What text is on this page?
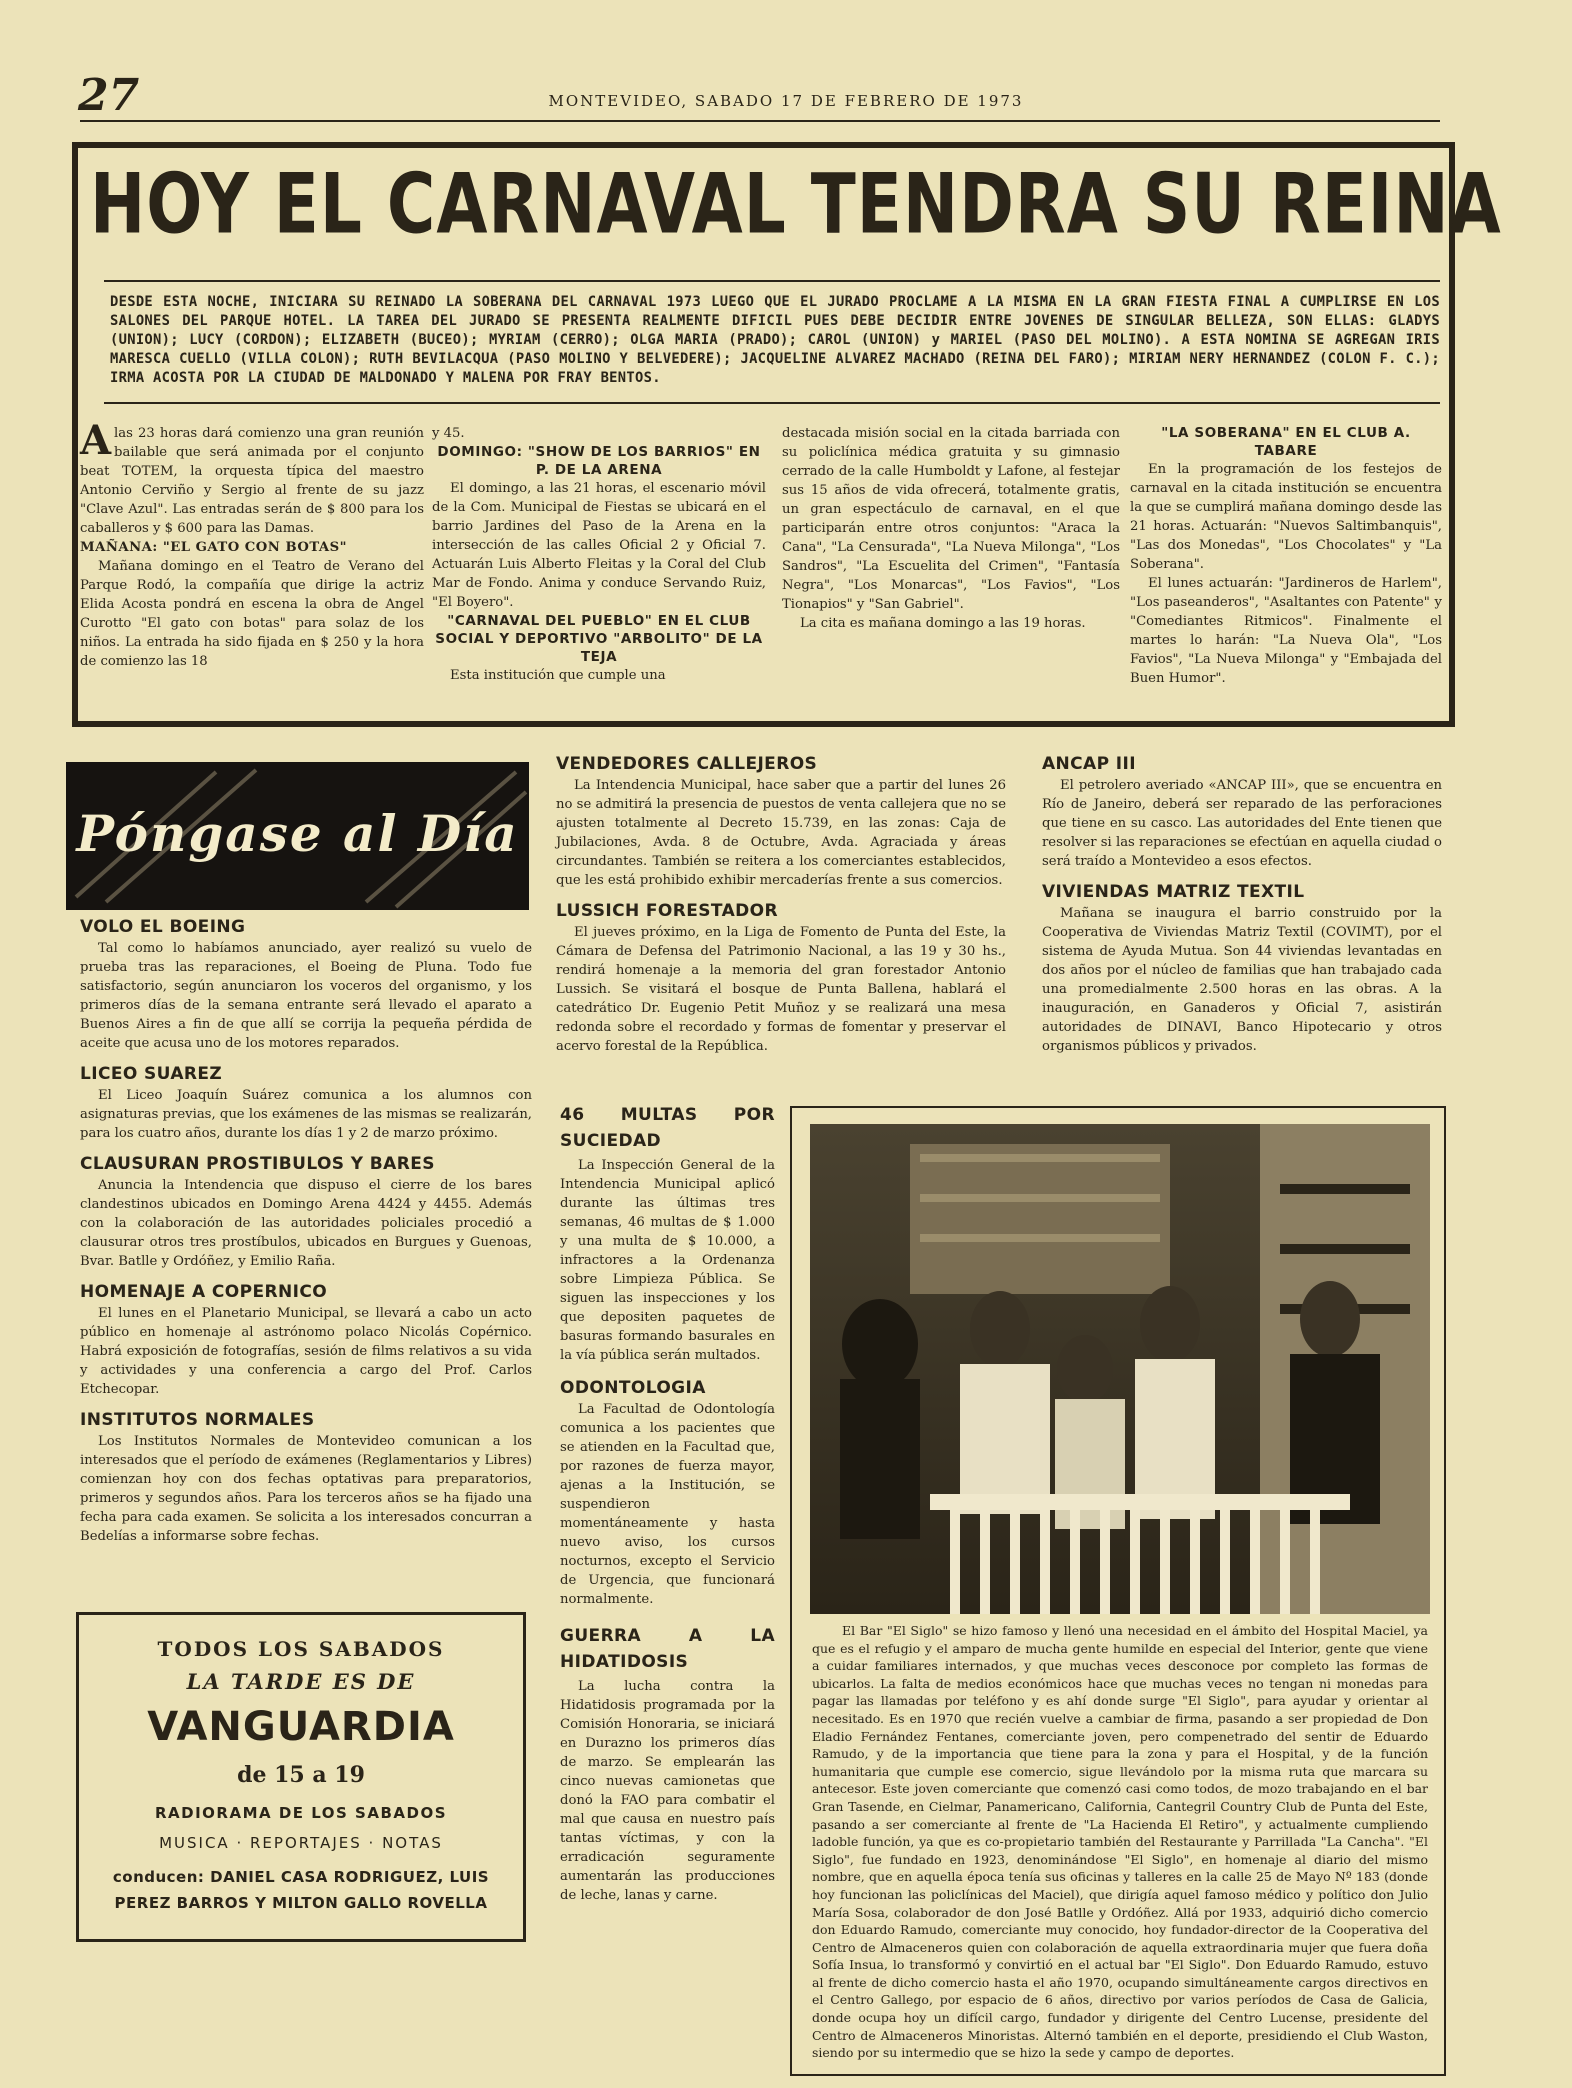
27	MONTEVIDEO, SABADO 17 DE FEBRERO DE 1973
HOY EL CARNAVAL TENDRA SU REINA
DESDE ESTA NOCHE, INICIARA SU REINADO LA SOBERANA DEL CARNAVAL 1973 LUEGO QUE EL JURADO PROCLAME A LA MISMA EN LA GRAN FIESTA FINAL A CUMPLIRSE EN LOS SALONES DEL PARQUE HOTEL. LA TAREA DEL JURADO SE PRESENTA REALMENTE DIFICIL PUES DEBE DECIDIR ENTRE JOVENES DE SINGULAR BELLEZA, SON ELLAS: GLADYS (UNION); LUCY (CORDON); ELIZABETH (BUCEO); MYRIAM (CERRO); OLGA MARIA (PRADO); CAROL (UNION) y MARIEL (PASO DEL MOLINO). A ESTA NOMINA SE AGREGAN IRIS MARESCA CUELLO (VILLA COLON); RUTH BEVILACQUA (PASO MOLINO Y BELVEDERE); JACQUELINE ALVAREZ MACHADO (REINA DEL FARO); MIRIAM NERY HERNANDEZ (COLON F. C.); IRMA ACOSTA POR LA CIUDAD DE MALDONADO Y MALENA POR FRAY BENTOS.

Alas 23 horas dará comienzo una gran reunión bailable que será animada por el conjunto beat TOTEM, la orquesta típica del maestro Antonio Cerviño y Sergio al frente de su jazz "Clave Azul". Las entradas serán de $ 800 para los caballeros y $ 600 para las Damas.

MAÑANA: "EL GATO CON BOTAS"

Mañana domingo en el Teatro de Verano del Parque Rodó, la compañía que dirige la actriz Elida Acosta pondrá en escena la obra de Angel Curotto "El gato con botas" para solaz de los niños. La entrada ha sido fijada en $ 250 y la hora de comienzo las 18

y 45.

DOMINGO: "SHOW DE LOS BARRIOS" EN P. DE LA ARENA

El domingo, a las 21 horas, el escenario móvil de la Com. Municipal de Fiestas se ubicará en el barrio Jardines del Paso de la Arena en la intersección de las calles Oficial 2 y Oficial 7. Actuarán Luis Alberto Fleitas y la Coral del Club Mar de Fondo. Anima y conduce Servando Ruiz, "El Boyero".

"CARNAVAL DEL PUEBLO" EN EL CLUB SOCIAL Y DEPORTIVO "ARBOLITO" DE LA TEJA

Esta institución que cumple una

destacada misión social en la citada barriada con su policlínica médica gratuita y su gimnasio cerrado de la calle Humboldt y Lafone, al festejar sus 15 años de vida ofrecerá, totalmente gratis, un gran espectáculo de carnaval, en el que participarán entre otros conjuntos: "Araca la Cana", "La Censurada", "La Nueva Milonga", "Los Sandros", "La Escuelita del Crimen", "Fantasía Negra", "Los Monarcas", "Los Favios", "Los Tionapios" y "San Gabriel".

La cita es mañana domingo a las 19 horas.

"LA SOBERANA" EN EL CLUB A. TABARE

En la programación de los festejos de carnaval en la citada institución se encuentra la que se cumplirá mañana domingo desde las 21 horas. Actuarán: "Nuevos Saltimbanquis", "Las dos Monedas", "Los Chocolates" y "La Soberana".

El lunes actuarán: "Jardineros de Harlem", "Los paseanderos", "Asaltantes con Patente" y "Comediantes Ritmicos". Finalmente el martes lo harán: "La Nueva Ola", "Los Favios", "La Nueva Milonga" y "Embajada del Buen Humor".

Póngase al Día
VOLO EL BOEING

Tal como lo habíamos anunciado, ayer realizó su vuelo de prueba tras las reparaciones, el Boeing de Pluna. Todo fue satisfactorio, según anunciaron los voceros del organismo, y los primeros días de la semana entrante será llevado el aparato a Buenos Aires a fin de que allí se corrija la pequeña pérdida de aceite que acusa uno de los motores reparados.

LICEO SUAREZ

El Liceo Joaquín Suárez comunica a los alumnos con asignaturas previas, que los exámenes de las mismas se realizarán, para los cuatro años, durante los días 1 y 2 de marzo próximo.

CLAUSURAN PROSTIBULOS Y BARES

Anuncia la Intendencia que dispuso el cierre de los bares clandestinos ubicados en Domingo Arena 4424 y 4455. Además con la colaboración de las autoridades policiales procedió a clausurar otros tres prostíbulos, ubicados en Burgues y Guenoas, Bvar. Batlle y Ordóñez, y Emilio Raña.

HOMENAJE A COPERNICO

El lunes en el Planetario Municipal, se llevará a cabo un acto público en homenaje al astrónomo polaco Nicolás Copérnico. Habrá exposición de fotografías, sesión de films relativos a su vida y actividades y una conferencia a cargo del Prof. Carlos Etchecopar.

INSTITUTOS NORMALES

Los Institutos Normales de Montevideo comunican a los interesados que el período de exámenes (Reglamentarios y Libres) comienzan hoy con dos fechas optativas para preparatorios, primeros y segundos años. Para los terceros años se ha fijado una fecha para cada examen. Se solicita a los interesados concurran a Bedelías a informarse sobre fechas.

TODOS LOS SABADOS
LA TARDE ES DE
VANGUARDIA
de 15 a 19
RADIORAMA DE LOS SABADOS
MUSICA · REPORTAJES · NOTAS
conducen: DANIEL CASA RODRIGUEZ, LUIS PEREZ BARROS Y MILTON GALLO ROVELLA
VENDEDORES CALLEJEROS

La Intendencia Municipal, hace saber que a partir del lunes 26 no se admitirá la presencia de puestos de venta callejera que no se ajusten totalmente al Decreto 15.739, en las zonas: Caja de Jubilaciones, Avda. 8 de Octubre, Avda. Agraciada y áreas circundantes. También se reitera a los comerciantes establecidos, que les está prohibido exhibir mercaderías frente a sus comercios.

LUSSICH FORESTADOR

El jueves próximo, en la Liga de Fomento de Punta del Este, la Cámara de Defensa del Patrimonio Nacional, a las 19 y 30 hs., rendirá homenaje a la memoria del gran forestador Antonio Lussich. Se visitará el bosque de Punta Ballena, hablará el catedrático Dr. Eugenio Petit Muñoz y se realizará una mesa redonda sobre el recordado y formas de fomentar y preservar el acervo forestal de la República.

46 MULTAS POR SUCIEDAD

La Inspección General de la Intendencia Municipal aplicó durante las últimas tres semanas, 46 multas de $ 1.000 y una multa de $ 10.000, a infractores a la Ordenanza sobre Limpieza Pública. Se siguen las inspecciones y los que depositen paquetes de basuras formando basurales en la vía pública serán multados.

ODONTOLOGIA

La Facultad de Odontología comunica a los pacientes que se atienden en la Facultad que, por razones de fuerza mayor, ajenas a la Institución, se suspendieron momentáneamente y hasta nuevo aviso, los cursos nocturnos, excepto el Servicio de Urgencia, que funcionará normalmente.

GUERRA A LA HIDATIDOSIS

La lucha contra la Hidatidosis programada por la Comisión Honoraria, se iniciará en Durazno los primeros días de marzo. Se emplearán las cinco nuevas camionetas que donó la FAO para combatir el mal que causa en nuestro país tantas víctimas, y con la erradicación seguramente aumentarán las producciones de leche, lanas y carne.

ANCAP III

El petrolero averiado «ANCAP III», que se encuentra en Río de Janeiro, deberá ser reparado de las perforaciones que tiene en su casco. Las autoridades del Ente tienen que resolver si las reparaciones se efectúan en aquella ciudad o será traído a Montevideo a esos efectos.

VIVIENDAS MATRIZ TEXTIL

Mañana se inaugura el barrio construido por la Cooperativa de Viviendas Matriz Textil (COVIMT), por el sistema de Ayuda Mutua. Son 44 viviendas levantadas en dos años por el núcleo de familias que han trabajado cada una promedialmente 2.500 horas en las obras. A la inauguración, en Ganaderos y Oficial 7, asistirán autoridades de DINAVI, Banco Hipotecario y otros organismos públicos y privados.

El Bar "El Siglo" se hizo famoso y llenó una necesidad en el ámbito del Hospital Maciel, ya que es el refugio y el amparo de mucha gente humilde en especial del Interior, gente que viene a cuidar familiares internados, y que muchas veces desconoce por completo las formas de ubicarlos. La falta de medios económicos hace que muchas veces no tengan ni monedas para pagar las llamadas por teléfono y es ahí donde surge "El Siglo", para ayudar y orientar al necesitado. Es en 1970 que recién vuelve a cambiar de firma, pasando a ser propiedad de Don Eladio Fernández Fentanes, comerciante joven, pero compenetrado del sentir de Eduardo Ramudo, y de la importancia que tiene para la zona y para el Hospital, y de la función humanitaria que cumple ese comercio, sigue llevándolo por la misma ruta que marcara su antecesor. Este joven comerciante que comenzó casi como todos, de mozo trabajando en el bar Gran Tasende, en Cielmar, Panamericano, California, Cantegril Country Club de Punta del Este, pasando a ser comerciante al frente de "La Hacienda El Retiro", y actualmente cumpliendo ladoble función, ya que es co-propietario también del Restaurante y Parrillada "La Cancha". "El Siglo", fue fundado en 1923, denominándose "El Siglo", en homenaje al diario del mismo nombre, que en aquella época tenía sus oficinas y talleres en la calle 25 de Mayo Nº 183 (donde hoy funcionan las policlínicas del Maciel), que dirigía aquel famoso médico y político don Julio María Sosa, colaborador de don José Batlle y Ordóñez. Allá por 1933, adquirió dicho comercio don Eduardo Ramudo, comerciante muy conocido, hoy fundador-director de la Cooperativa del Centro de Almaceneros quien con colaboración de aquella extraordinaria mujer que fuera doña Sofía Insua, lo transformó y convirtió en el actual bar "El Siglo". Don Eduardo Ramudo, estuvo al frente de dicho comercio hasta el año 1970, ocupando simultáneamente cargos directivos en el Centro Gallego, por espacio de 6 años, directivo por varios períodos de Casa de Galicia, donde ocupa hoy un difícil cargo, fundador y dirigente del Centro Lucense, presidente del Centro de Almaceneros Minoristas. Alternó también en el deporte, presidiendo el Club Waston, siendo por su intermedio que se hizo la sede y campo de deportes.
